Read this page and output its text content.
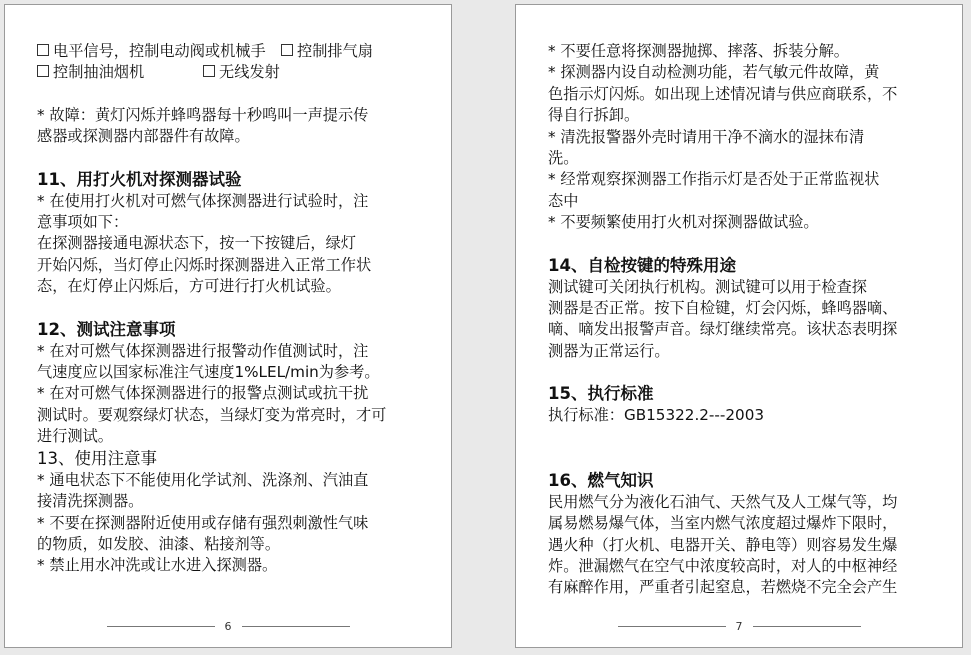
电平信号，控制电动阀或机械手	控制排气扇
控制抽油烟机	无线发射
* 故障：黄灯闪烁并蜂鸣器每十秒鸣叫一声提示传
感器或探测器内部器件有故障。
11、用打火机对探测器试验
* 在使用打火机对可燃气体探测器进行试验时，注
意事项如下：
在探测器接通电源状态下，按一下按键后，绿灯
开始闪烁，当灯停止闪烁时探测器进入正常工作状
态，在灯停止闪烁后，方可进行打火机试验。
12、测试注意事项
* 在对可燃气体探测器进行报警动作值测试时，注
气速度应以国家标准注气速度1%LEL/min为参考。
* 在对可燃气体探测器进行的报警点测试或抗干扰
测试时。要观察绿灯状态，当绿灯变为常亮时，才可
进行测试。
13、使用注意事
* 通电状态下不能使用化学试剂、洗涤剂、汽油直
接清洗探测器。
* 不要在探测器附近使用或存储有强烈刺激性气味
的物质，如发胶、油漆、粘接剂等。
* 禁止用水冲洗或让水进入探测器。
6
* 不要任意将探测器抛掷、摔落、拆装分解。
* 探测器内设自动检测功能，若气敏元件故障，黄
色指示灯闪烁。如出现上述情况请与供应商联系，不
得自行拆卸。
* 清洗报警器外壳时请用干净不滴水的湿抹布清
洗。
* 经常观察探测器工作指示灯是否处于正常监视状
态中
* 不要频繁使用打火机对探测器做试验。
14、自检按键的特殊用途
测试键可关闭执行机构。测试键可以用于检查探
测器是否正常。按下自检键，灯会闪烁，蜂鸣器嘀、
嘀、嘀发出报警声音。绿灯继续常亮。该状态表明探
测器为正常运行。
15、执行标准
执行标准：GB15322.2---2003
16、燃气知识
民用燃气分为液化石油气、天然气及人工煤气等，均
属易燃易爆气体，当室内燃气浓度超过爆炸下限时，
遇火种（打火机、电器开关、静电等）则容易发生爆
炸。泄漏燃气在空气中浓度较高时，对人的中枢神经
有麻醉作用，严重者引起窒息，若燃烧不完全会产生
7
